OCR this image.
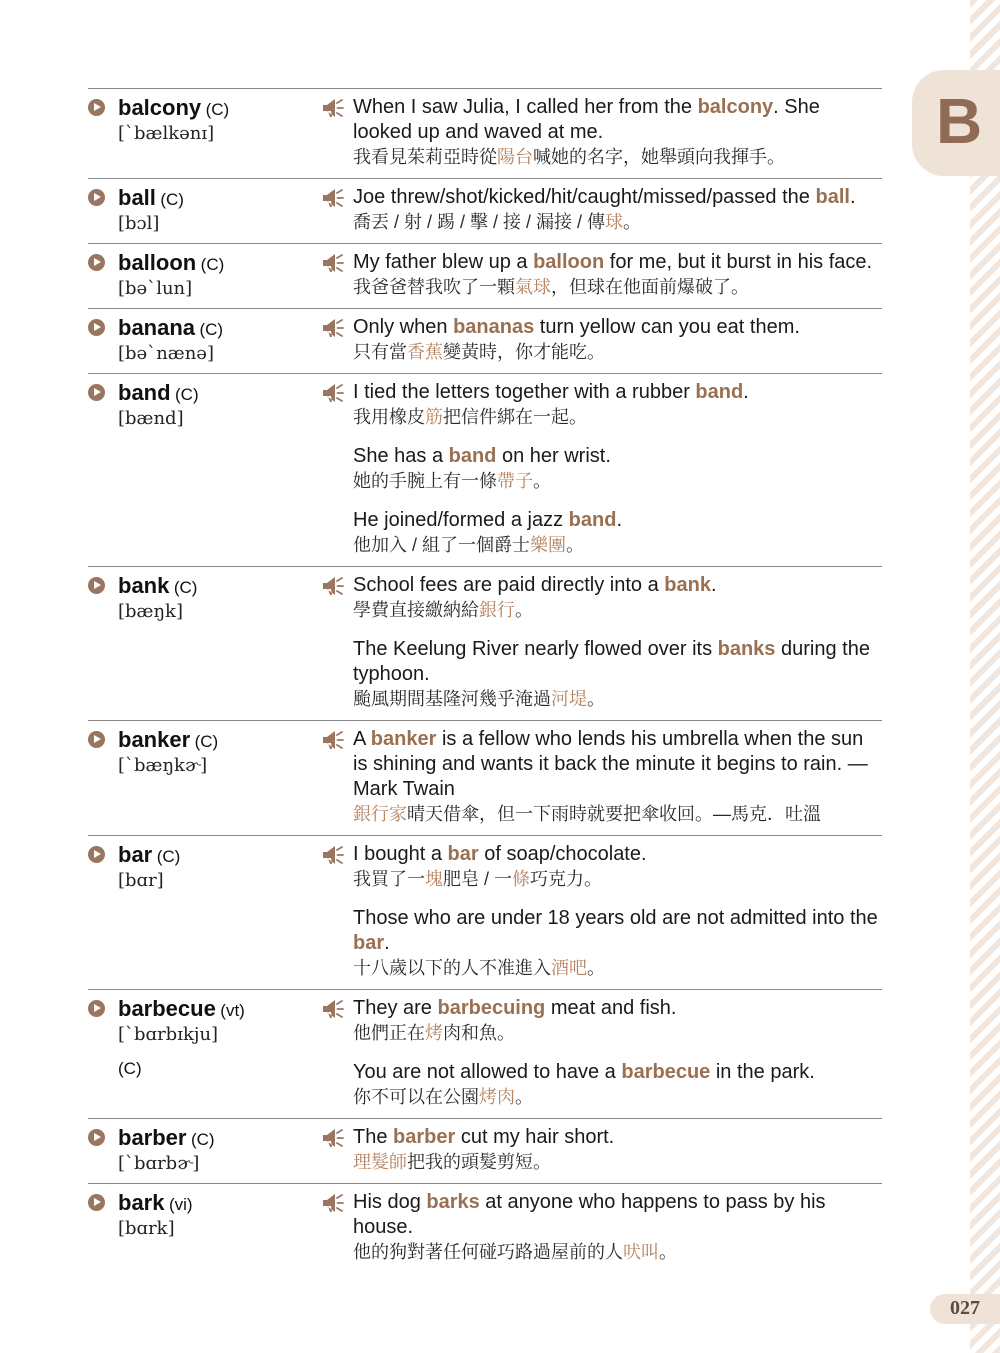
B
027
balcony (C)
[ˋbælkənɪ]
When I saw Julia, I called her from the balcony. She looked up and waved at me.
我看見茱莉亞時從陽台喊她的名字，她舉頭向我揮手。
ball (C)
[bɔl]
Joe threw/shot/kicked/hit/caught/missed/passed the ball.
喬丟 / 射 / 踢 / 擊 / 接 / 漏接 / 傳球。
balloon (C)
[bəˋlun]
My father blew up a balloon for me, but it burst in his face.
我爸爸替我吹了一顆氣球，但球在他面前爆破了。
banana (C)
[bəˋnænə]
Only when bananas turn yellow can you eat them.
只有當香蕉變黃時，你才能吃。
band (C)
[bænd]
I tied the letters together with a rubber band.
我用橡皮筋把信件綁在一起。
She has a band on her wrist.
她的手腕上有一條帶子。
He joined/formed a jazz band.
他加入 / 組了一個爵士樂團。
bank (C)
[bæŋk]
School fees are paid directly into a bank.
學費直接繳納給銀行。
The Keelung River nearly flowed over its banks during the typhoon.
颱風期間基隆河幾乎淹過河堤。
banker (C)
[ˋbæŋkɚ]
A banker is a fellow who lends his umbrella when the sun is shining and wants it back the minute it begins to rain. —Mark Twain
銀行家晴天借傘，但一下雨時就要把傘收回。—馬克．吐溫
bar (C)
[bɑr]
I bought a bar of soap/chocolate.
我買了一塊肥皂 / 一條巧克力。
Those who are under 18 years old are not admitted into the bar.
十八歲以下的人不准進入酒吧。
barbecue (vt)
[ˋbɑrbɪkju]
(C)
They are barbecuing meat and fish.
他們正在烤肉和魚。
You are not allowed to have a barbecue in the park.
你不可以在公園烤肉。
barber (C)
[ˋbɑrbɚ]
The barber cut my hair short.
理髮師把我的頭髮剪短。
bark (vi)
[bɑrk]
His dog barks at anyone who happens to pass by his house.
他的狗對著任何碰巧路過屋前的人吠叫。
